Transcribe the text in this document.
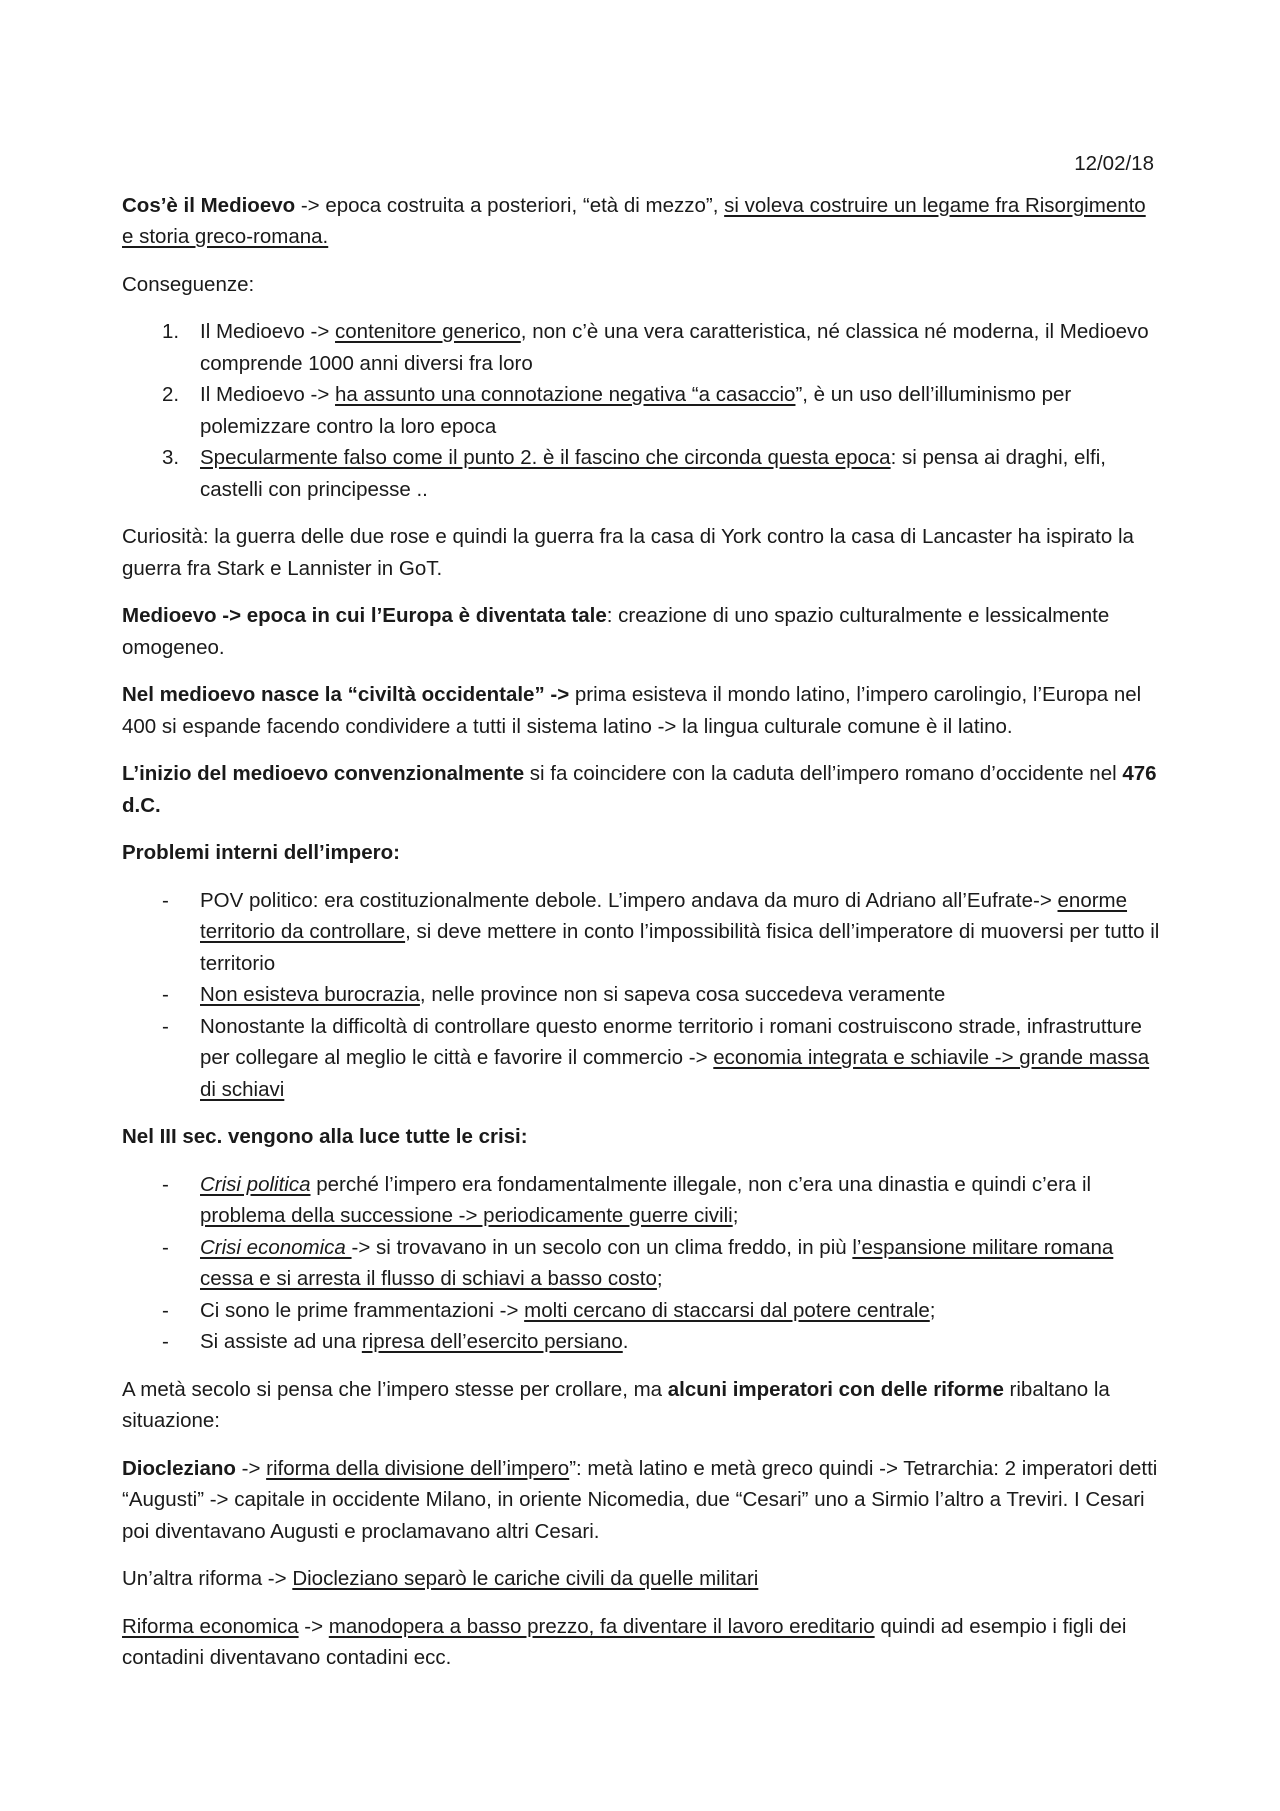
12/02/18

Cos’è il Medioevo -> epoca costruita a posteriori, “età di mezzo”, si voleva costruire un legame fra Risorgimento e storia greco-romana.

Conseguenze:

1. Il Medioevo -> contenitore generico, non c’è una vera caratteristica, né classica né moderna, il Medioevo comprende 1000 anni diversi fra loro
2. Il Medioevo -> ha assunto una connotazione negativa “a casaccio”, è un uso dell’illuminismo per polemizzare contro la loro epoca
3. Specularmente falso come il punto 2. è il fascino che circonda questa epoca: si pensa ai draghi, elfi, castelli con principesse ..

Curiosità: la guerra delle due rose e quindi la guerra fra la casa di York contro la casa di Lancaster ha ispirato la guerra fra Stark e Lannister in GoT.

Medioevo -> epoca in cui l’Europa è diventata tale: creazione di uno spazio culturalmente e lessicalmente omogeneo.

Nel medioevo nasce la “civiltà occidentale” -> prima esisteva il mondo latino, l’impero carolingio, l’Europa nel 400 si espande facendo condividere a tutti il sistema latino -> la lingua culturale comune è il latino.

L’inizio del medioevo convenzionalmente si fa coincidere con la caduta dell’impero romano d’occidente nel 476 d.C.

Problemi interni dell’impero:

- POV politico: era costituzionalmente debole. L’impero andava da muro di Adriano all’Eufrate-> enorme territorio da controllare, si deve mettere in conto l’impossibilità fisica dell’imperatore di muoversi per tutto il territorio
- Non esisteva burocrazia, nelle province non si sapeva cosa succedeva veramente
- Nonostante la difficoltà di controllare questo enorme territorio i romani costruiscono strade, infrastrutture per collegare al meglio le città e favorire il commercio -> economia integrata e schiavile -> grande massa di schiavi

Nel III sec. vengono alla luce tutte le crisi:

- Crisi politica perché l’impero era fondamentalmente illegale, non c’era una dinastia e quindi c’era il problema della successione -> periodicamente guerre civili;
- Crisi economica -> si trovavano in un secolo con un clima freddo, in più l’espansione militare romana cessa e si arresta il flusso di schiavi a basso costo;
- Ci sono le prime frammentazioni -> molti cercano di staccarsi dal potere centrale;
- Si assiste ad una ripresa dell’esercito persiano.

A metà secolo si pensa che l’impero stesse per crollare, ma alcuni imperatori con delle riforme ribaltano la situazione:

Diocleziano -> riforma della divisione dell’impero”: metà latino e metà greco quindi -> Tetrarchia: 2 imperatori detti “Augusti” -> capitale in occidente Milano, in oriente Nicomedia, due “Cesari” uno a Sirmio l’altro a Treviri. I Cesari poi diventavano Augusti e proclamavano altri Cesari.

Un’altra riforma -> Diocleziano separò le cariche civili da quelle militari

Riforma economica -> manodopera a basso prezzo, fa diventare il lavoro ereditario quindi ad esempio i figli dei contadini diventavano contadini ecc.
